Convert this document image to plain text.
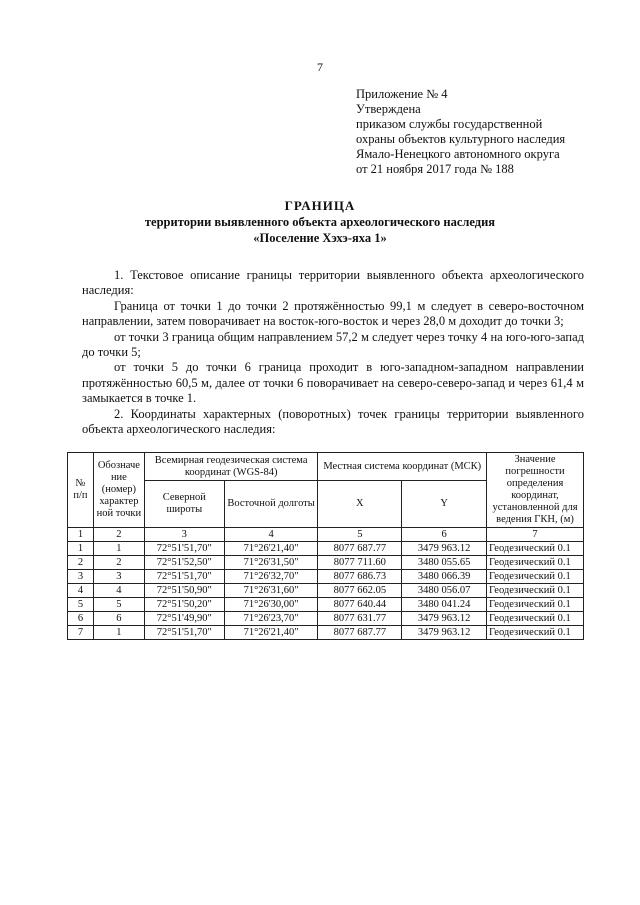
7
Приложение № 4
Утверждена
приказом службы государственной
охраны объектов культурного наследия
Ямало-Ненецкого автономного округа
от 21 ноября 2017 года № 188
ГРАНИЦА
территории выявленного объекта археологического наследия
«Поселение Хэхэ-яха 1»

1. Текстовое описание границы территории выявленного объекта археологического наследия:

Граница от точки 1 до точки 2 протяжённостью 99,1 м следует в северо-восточном направлении, затем поворачивает на восток-юго-восток и через 28,0 м доходит до точки 3;

от точки 3 граница общим направлением 57,2 м следует через точку 4 на юго-юго-запад до точки 5;

от точки 5 до точки 6 граница проходит в юго-западном-западном направлении протяжённостью 60,5 м, далее от точки 6 поворачивает на северо-северо-запад и через 61,4 м замыкается в точке 1.

2. Координаты характерных (поворотных) точек границы территории выявленного объекта археологического наследия:

№ п/п	Обозначе ние (номер) характер ной точки	Всемирная геодезическая система координат (WGS-84)		Местная система координат (МСК)		Значение погрешности определения координат, установленной для ведения ГКН, (м)
		Северной широты	Восточной долготы	X	Y	
1	2	3	4	5	6	7
1	1	72°51'51,70"	71°26'21,40"	8077 687.77	3479 963.12	Геодезический 0.1
2	2	72°51'52,50"	71°26'31,50"	8077 711.60	3480 055.65	Геодезический 0.1
3	3	72°51'51,70"	71°26'32,70"	8077 686.73	3480 066.39	Геодезический 0.1
4	4	72°51'50,90"	71°26'31,60"	8077 662.05	3480 056.07	Геодезический 0.1
5	5	72°51'50,20"	71°26'30,00"	8077 640.44	3480 041.24	Геодезический 0.1
6	6	72°51'49,90"	71°26'23,70"	8077 631.77	3479 963.12	Геодезический 0.1
7	1	72°51'51,70"	71°26'21,40"	8077 687.77	3479 963.12	Геодезический 0.1
